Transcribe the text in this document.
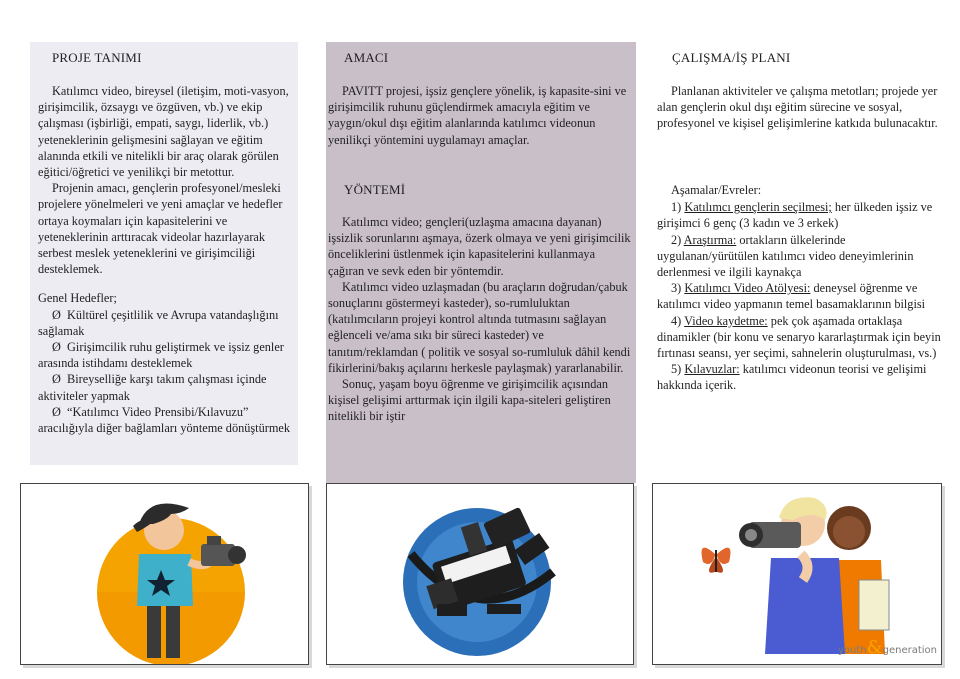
PROJE TANIMI

Katılımcı video, bireysel (iletişim, moti-vasyon, girişimcilik, özsaygı ve özgüven, vb.) ve ekip çalışması (işbirliği, empati, saygı, liderlik, vb.) yeteneklerinin gelişmesini sağlayan ve eğitim alanında etkili ve nitelikli bir araç olarak görülen eğitici/öğretici ve yenilikçi bir metottur.

Projenin amacı, gençlerin profesyonel/mesleki projelere yönelmeleri ve yeni amaçlar ve hedefler ortaya koymaları için kapasitelerini ve yeteneklerinin arttıracak videolar hazırlayarak serbest meslek yeteneklerini ve girişimciliği desteklemek.

Genel Hedefler;

Ø Kültürel çeşitlilik ve Avrupa vatandaşlığını sağlamak

Ø Girişimcilik ruhu geliştirmek ve işsiz genler arasında istihdamı desteklemek

Ø Bireyselliğe karşı takım çalışması içinde aktiviteler yapmak

Ø “Katılımcı Video Prensibi/Kılavuzu” aracılığıyla diğer bağlamları yönteme dönüştürmek

AMACI

PAVITT projesi, işsiz gençlere yönelik, iş kapasite-sini ve girişimcilik ruhunu güçlendirmek amacıyla eğitim ve yaygın/okul dışı eğitim alanlarında katılımcı videonun yenilikçi yöntemini uygulamayı amaçlar.

YÖNTEMİ

Katılımcı video; gençleri(uzlaşma amacına dayanan) işsizlik sorunlarını aşmaya, özerk olmaya ve yeni girişimcilik önceliklerini üstlenmek için kapasitelerini kullanmaya çağıran ve sevk eden bir yöntemdir.

Katılımcı video uzlaşmadan (bu araçların doğrudan/çabuk sonuçlarını göstermeyi kasteder), so-rumluluktan (katılımcıların projeyi kontrol altında tutmasını sağlayan eğlenceli ve/ama sıkı bir süreci kasteder) ve tanıtım/reklamdan ( politik ve sosyal so-rumluluk dâhil kendi fikirlerini/bakış açılarını herkesle paylaşmak) yararlanabilir.

Sonuç, yaşam boyu öğrenme ve girişimcilik açısından kişisel gelişimi arttırmak için ilgili kapa-siteleri geliştiren nitelikli bir iştir

ÇALIŞMA/İŞ PLANI

Planlanan aktiviteler ve çalışma metotları; projede yer alan gençlerin okul dışı eğitim sürecine ve sosyal, profesyonel ve kişisel gelişimlerine katkıda bulunacaktır.

Aşamalar/Evreler:

1) Katılımcı gençlerin seçilmesi; her ülkeden işsiz ve girişimci 6 genç (3 kadın ve 3 erkek)

2) Araştırma: ortakların ülkelerinde uygulanan/yürütülen katılımcı video deneyimlerinin derlenmesi ve ilgili kaynakça

3) Katılımcı Video Atölyesi: deneysel öğrenme ve katılımcı video yapmanın temel basamaklarının bilgisi

4) Video kaydetme: pek çok aşamada ortaklaşa dinamikler (bir konu ve senaryo kararlaştırmak için beyin fırtınası seansı, yer seçimi, sahnelerin oluşturulması, vs.)

5) Kılavuzlar: katılımcı videonun teorisi ve gelişimi hakkında içerik.

youth&generation
